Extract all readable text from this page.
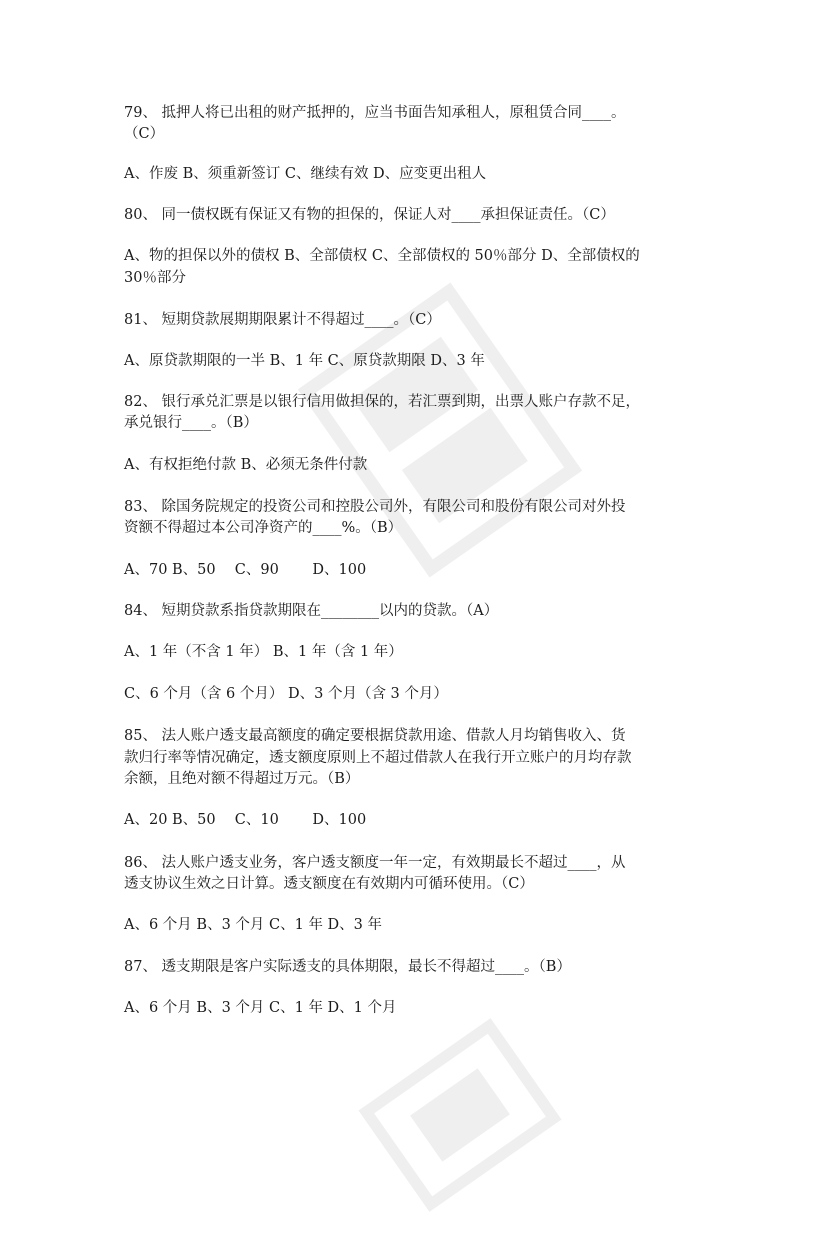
79、 抵押人将已出租的财产抵押的，应当书面告知承租人，原租赁合同____。
（C）
A、作废 B、须重新签订 C、继续有效 D、应变更出租人
80、 同一债权既有保证又有物的担保的，保证人对____承担保证责任。（C）
A、物的担保以外的债权 B、全部债权 C、全部债权的 50％部分 D、全部债权的
30％部分
81、 短期贷款展期期限累计不得超过____。（C）
A、原贷款期限的一半 B、1 年 C、原贷款期限 D、3 年
82、 银行承兑汇票是以银行信用做担保的，若汇票到期，出票人账户存款不足，
承兑银行____。（B）
A、有权拒绝付款 B、必须无条件付款
83、 除国务院规定的投资公司和控股公司外，有限公司和股份有限公司对外投
资额不得超过本公司净资产的____%。（B）
A、70 B、50　 C、90　　 D、100
84、 短期贷款系指贷款期限在________以内的贷款。（A）
A、1 年（不含 1 年） B、1 年（含 1 年）
C、6 个月（含 6 个月） D、3 个月（含 3 个月）
85、 法人账户透支最高额度的确定要根据贷款用途、借款人月均销售收入、货
款归行率等情况确定，透支额度原则上不超过借款人在我行开立账户的月均存款
余额，且绝对额不得超过万元。（B）
A、20 B、50　 C、10　　 D、100
86、 法人账户透支业务，客户透支额度一年一定，有效期最长不超过____，从
透支协议生效之日计算。透支额度在有效期内可循环使用。（C）
A、6 个月 B、3 个月 C、1 年 D、3 年
87、 透支期限是客户实际透支的具体期限，最长不得超过____。（B）
A、6 个月 B、3 个月 C、1 年 D、1 个月
